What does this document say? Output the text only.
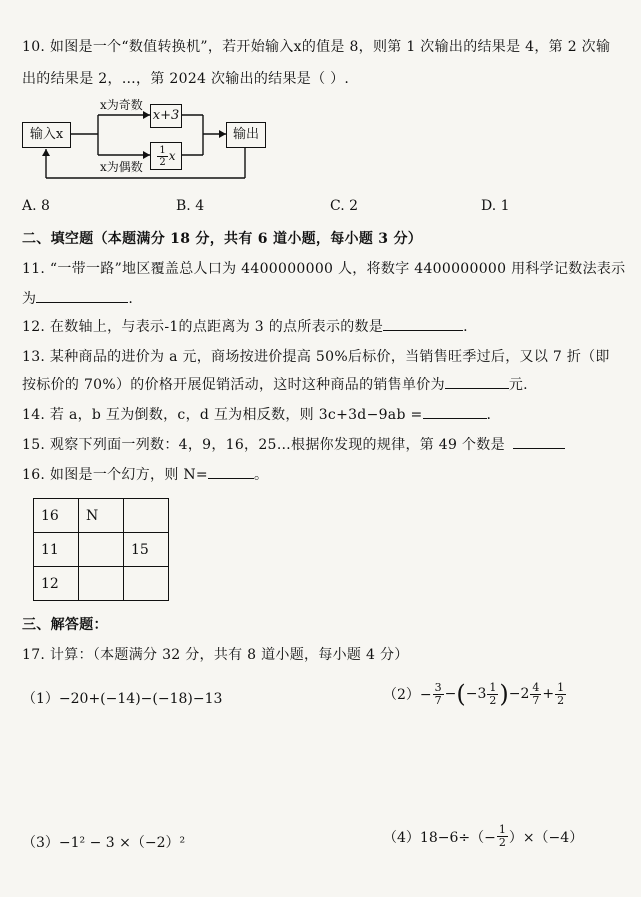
10. 如图是一个“数值转换机”，若开始输入x的值是 8，则第 1 次输出的结果是 4，第 2 次输
出的结果是 2，…，第 2024 次输出的结果是（ ）.
输入x
x为奇数
x为偶数
x+3
$\frac{1}{2}$ x
输出
A. 8	B. 4	C. 2	D. 1
二、填空题（本题满分 18 分，共有 6 道小题，每小题 3 分）
11. “一带一路”地区覆盖总人口为 4400000000 人，将数字 4400000000 用科学记数法表示
为	.
12. 在数轴上，与表示-1的点距离为 3 的点所表示的数是	.
13. 某种商品的进价为 a 元，商场按进价提高 50%后标价，当销售旺季过后，又以 7 折（即
按标价的 70%）的价格开展促销活动，这时这种商品的销售单价为	元.
14. 若 a，b 互为倒数，c，d 互为相反数，则 3c+3d−9ab =	.
15. 观察下列面一列数：4，9，16，25…根据你发现的规律，第 49 个数是
16. 如图是一个幻方，则 N=	。
16	N	
11		15
12		
三、解答题：
17. 计算：（本题满分 32 分，共有 8 道小题，每小题 4 分）
（1）−20+(−14)−(−18)−13	$(2)- \frac{3}{7}$ − ( $-3 \frac{1}{2}$ ) $-2 \frac{4}{7} + \frac{1}{2}$
（3）−1² − 3 ×（−2）²	$(4)18-6\div(- \frac{1}{2} )\times(-4)$
